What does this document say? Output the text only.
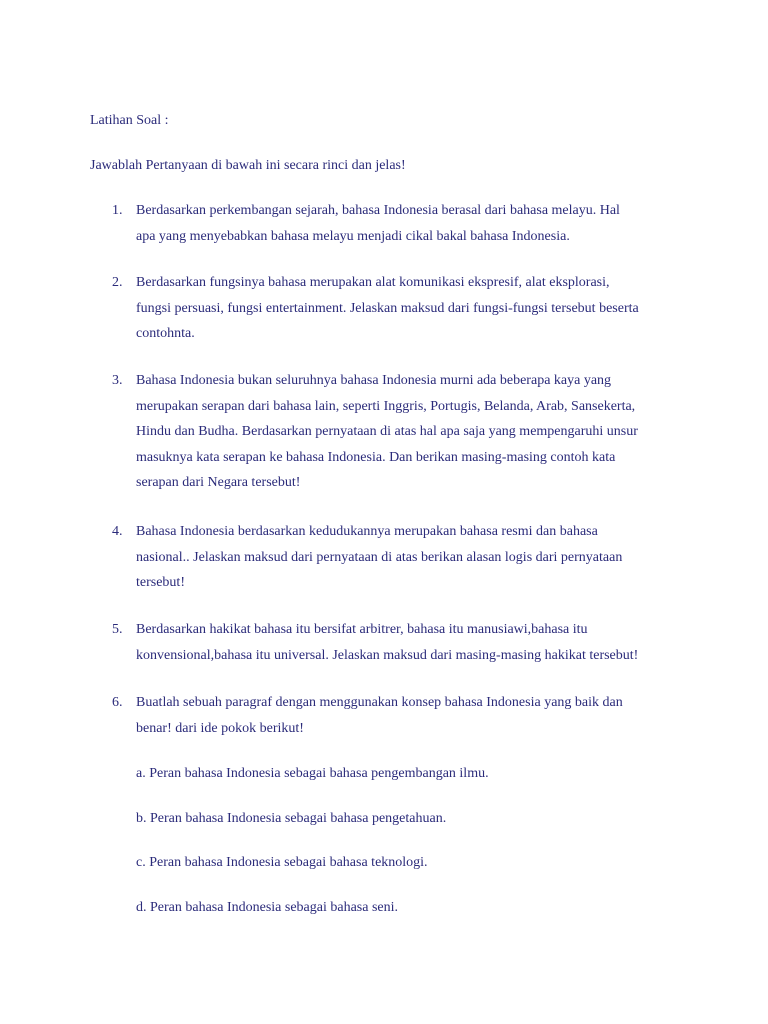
Latihan Soal :
Jawablah Pertanyaan di bawah ini secara rinci dan jelas!
1. Berdasarkan perkembangan sejarah, bahasa Indonesia berasal dari bahasa melayu. Hal
apa yang menyebabkan bahasa melayu menjadi cikal bakal bahasa Indonesia.
2. Berdasarkan fungsinya bahasa merupakan alat komunikasi ekspresif, alat eksplorasi,
fungsi persuasi, fungsi entertainment. Jelaskan maksud dari fungsi-fungsi tersebut beserta
contohnta.
3. Bahasa Indonesia bukan seluruhnya bahasa Indonesia murni ada beberapa kaya yang
merupakan serapan dari bahasa lain, seperti Inggris, Portugis, Belanda, Arab, Sansekerta,
Hindu dan Budha. Berdasarkan pernyataan di atas hal apa saja yang mempengaruhi unsur
masuknya kata serapan ke bahasa Indonesia. Dan berikan masing-masing contoh kata
serapan dari Negara tersebut!
4. Bahasa Indonesia berdasarkan kedudukannya merupakan bahasa resmi dan bahasa
nasional.. Jelaskan maksud dari pernyataan di atas berikan alasan logis dari pernyataan
tersebut!
5. Berdasarkan hakikat bahasa itu bersifat arbitrer, bahasa itu manusiawi,bahasa itu
konvensional,bahasa itu universal. Jelaskan maksud dari masing-masing hakikat tersebut!
6. Buatlah sebuah paragraf dengan menggunakan konsep bahasa Indonesia yang baik dan
benar! dari ide pokok berikut!
a. Peran bahasa Indonesia sebagai bahasa pengembangan ilmu.
b. Peran bahasa Indonesia sebagai bahasa pengetahuan.
c. Peran bahasa Indonesia sebagai bahasa teknologi.
d. Peran bahasa Indonesia sebagai bahasa seni.
